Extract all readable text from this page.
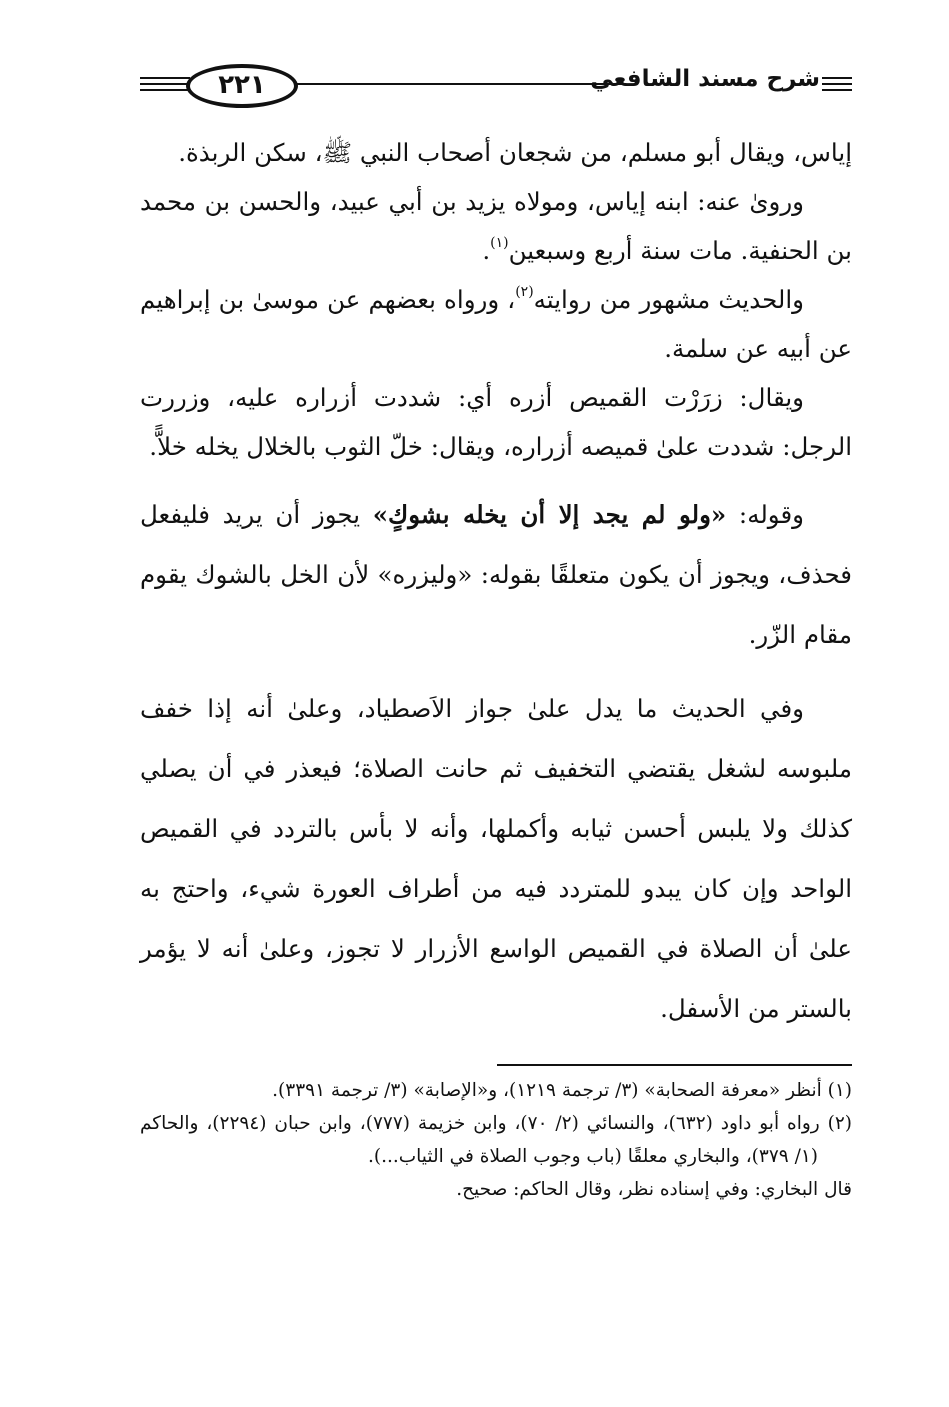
شرح مسند الشافعي
٢٢١

إياس، ويقال أبو مسلم، من شجعان أصحاب النبي ﷺ، سكن الربذة.

وروىٰ عنه: ابنه إياس، ومولاه يزيد بن أبي عبيد، والحسن بن محمد بن الحنفية. مات سنة أربع وسبعين$^{(١)}$.

والحديث مشهور من روايته$^{(٢)}$، ورواه بعضهم عن موسىٰ بن إبراهيم عن أبيه عن سلمة.

ويقال: زرَرْت القميص أزره أي: شددت أزراره عليه، وزررت الرجل: شددت علىٰ قميصه أزراره، ويقال: خلّ الثوب بالخلال يخله خلاًّ.

وقوله: «ولو لم يجد إلا أن يخله بشوكٍ» يجوز أن يريد فليفعل فحذف، ويجوز أن يكون متعلقًا بقوله: «وليزره» لأن الخل بالشوك يقوم مقام الزّر.

وفي الحديث ما يدل علىٰ جواز الاَصطياد، وعلىٰ أنه إذا خفف ملبوسه لشغل يقتضي التخفيف ثم حانت الصلاة؛ فيعذر في أن يصلي كذلك ولا يلبس أحسن ثيابه وأكملها، وأنه لا بأس بالتردد في القميص الواحد وإن كان يبدو للمتردد فيه من أطراف العورة شيء، واحتج به علىٰ أن الصلاة في القميص الواسع الأزرار لا تجوز، وعلىٰ أنه لا يؤمر بالستر من الأسفل.

(١) أنظر «معرفة الصحابة» (٣/ ترجمة ١٢١٩)، و«الإصابة» (٣/ ترجمة ٣٣٩١).

(٢) رواه أبو داود (٦٣٢)، والنسائي (٢/ ٧٠)، وابن خزيمة (٧٧٧)، وابن حبان (٢٢٩٤)، والحاكم (١/ ٣٧٩)، والبخاري معلقًا (باب وجوب الصلاة في الثياب...).

قال البخاري: وفي إسناده نظر، وقال الحاكم: صحيح.
